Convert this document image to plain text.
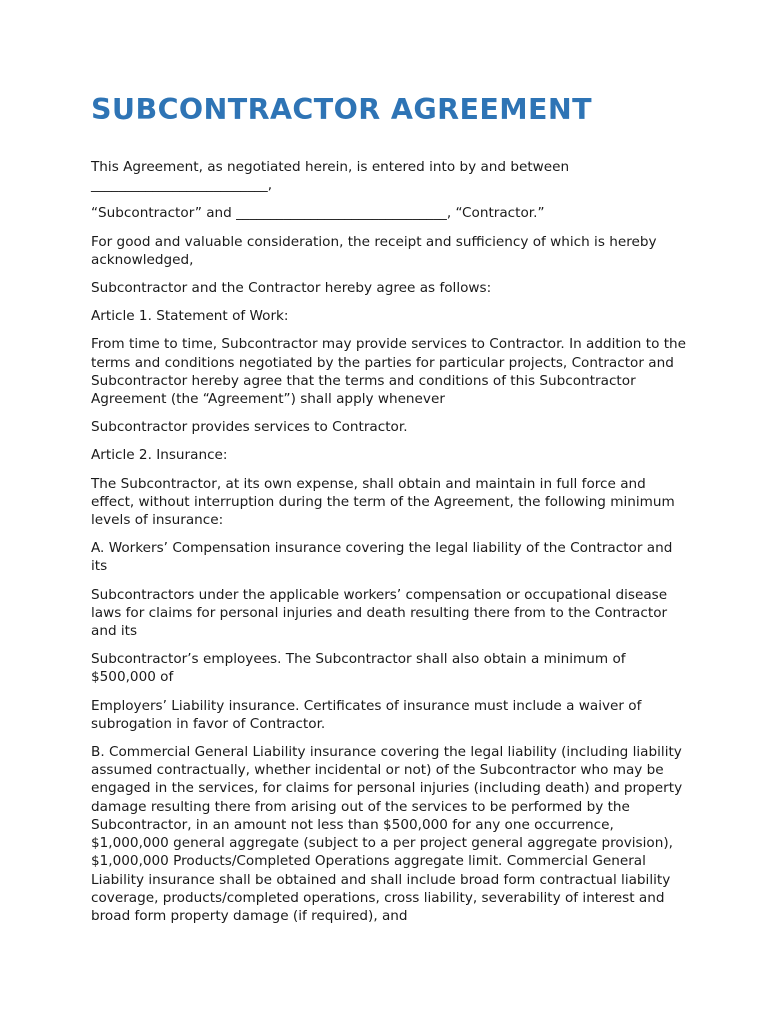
SUBCONTRACTOR AGREEMENT

This Agreement, as negotiated herein, is entered into by and between __________________________,

“Subcontractor” and _______________________________, “Contractor.”

For good and valuable consideration, the receipt and sufficiency of which is hereby acknowledged,

Subcontractor and the Contractor hereby agree as follows:

Article 1. Statement of Work:

From time to time, Subcontractor may provide services to Contractor. In addition to the terms and conditions negotiated by the parties for particular projects, Contractor and Subcontractor hereby agree that the terms and conditions of this Subcontractor Agreement (the “Agreement”) shall apply whenever

Subcontractor provides services to Contractor.

Article 2. Insurance:

The Subcontractor, at its own expense, shall obtain and maintain in full force and effect, without interruption during the term of the Agreement, the following minimum levels of insurance:

A. Workers’ Compensation insurance covering the legal liability of the Contractor and its

Subcontractors under the applicable workers’ compensation or occupational disease laws for claims for personal injuries and death resulting there from to the Contractor and its

Subcontractor’s employees. The Subcontractor shall also obtain a minimum of $500,000 of

Employers’ Liability insurance. Certificates of insurance must include a waiver of subrogation in favor of Contractor.

B. Commercial General Liability insurance covering the legal liability (including liability assumed contractually, whether incidental or not) of the Subcontractor who may be engaged in the services, for claims for personal injuries (including death) and property damage resulting there from arising out of the services to be performed by the Subcontractor, in an amount not less than $500,000 for any one occurrence, $1,000,000 general aggregate (subject to a per project general aggregate provision), $1,000,000 Products/Completed Operations aggregate limit. Commercial General Liability insurance shall be obtained and shall include broad form contractual liability coverage, products/completed operations, cross liability, severability of interest and broad form property damage (if required), and
